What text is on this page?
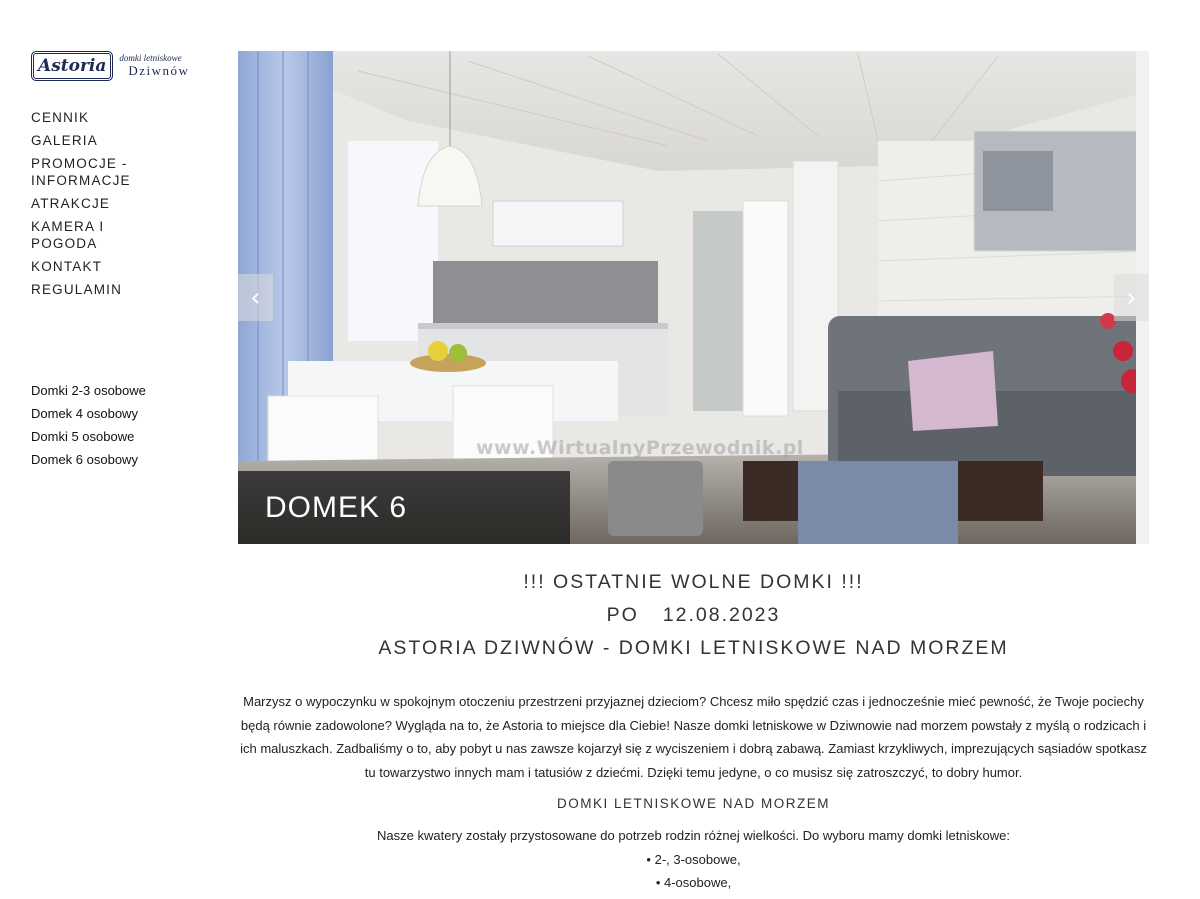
Astoria	domki letniskowe
Dziwnów
CENNIK
GALERIA
PROMOCJE - INFORMACJE
ATRAKCJE
KAMERA I POGODA
KONTAKT
REGULAMIN
Domki 2-3 osobowe
Domek 4 osobowy
Domki 5 osobowe
Domek 6 osobowy
www.WirtualnyPrzewodnik.pl
‹	›
DOMEK 6 OSOBOWY	!!! OSTATNIE WOLNE DOMKI !!!
PO 12.08.2023
ASTORIA DZIWNÓW - DOMKI LETNISKOWE NAD MORZEM

Marzysz o wypoczynku w spokojnym otoczeniu przestrzeni przyjaznej dzieciom? Chcesz miło spędzić czas i jednocześnie mieć pewność, że Twoje pociechy będą równie zadowolone? Wygląda na to, że Astoria to miejsce dla Ciebie! Nasze domki letniskowe w Dziwnowie nad morzem powstały z myślą o rodzicach i ich maluszkach. Zadbaliśmy o to, aby pobyt u nas zawsze kojarzył się z wyciszeniem i dobrą zabawą. Zamiast krzykliwych, imprezujących sąsiadów spotkasz tu towarzystwo innych mam i tatusiów z dziećmi. Dzięki temu jedyne, o co musisz się zatroszczyć, to dobry humor.

DOMKI LETNISKOWE NAD MORZEM

Nasze kwatery zostały przystosowane do potrzeb rodzin różnej wielkości. Do wyboru mamy domki letniskowe:

• 2-, 3-osobowe,
• 4-osobowe,
